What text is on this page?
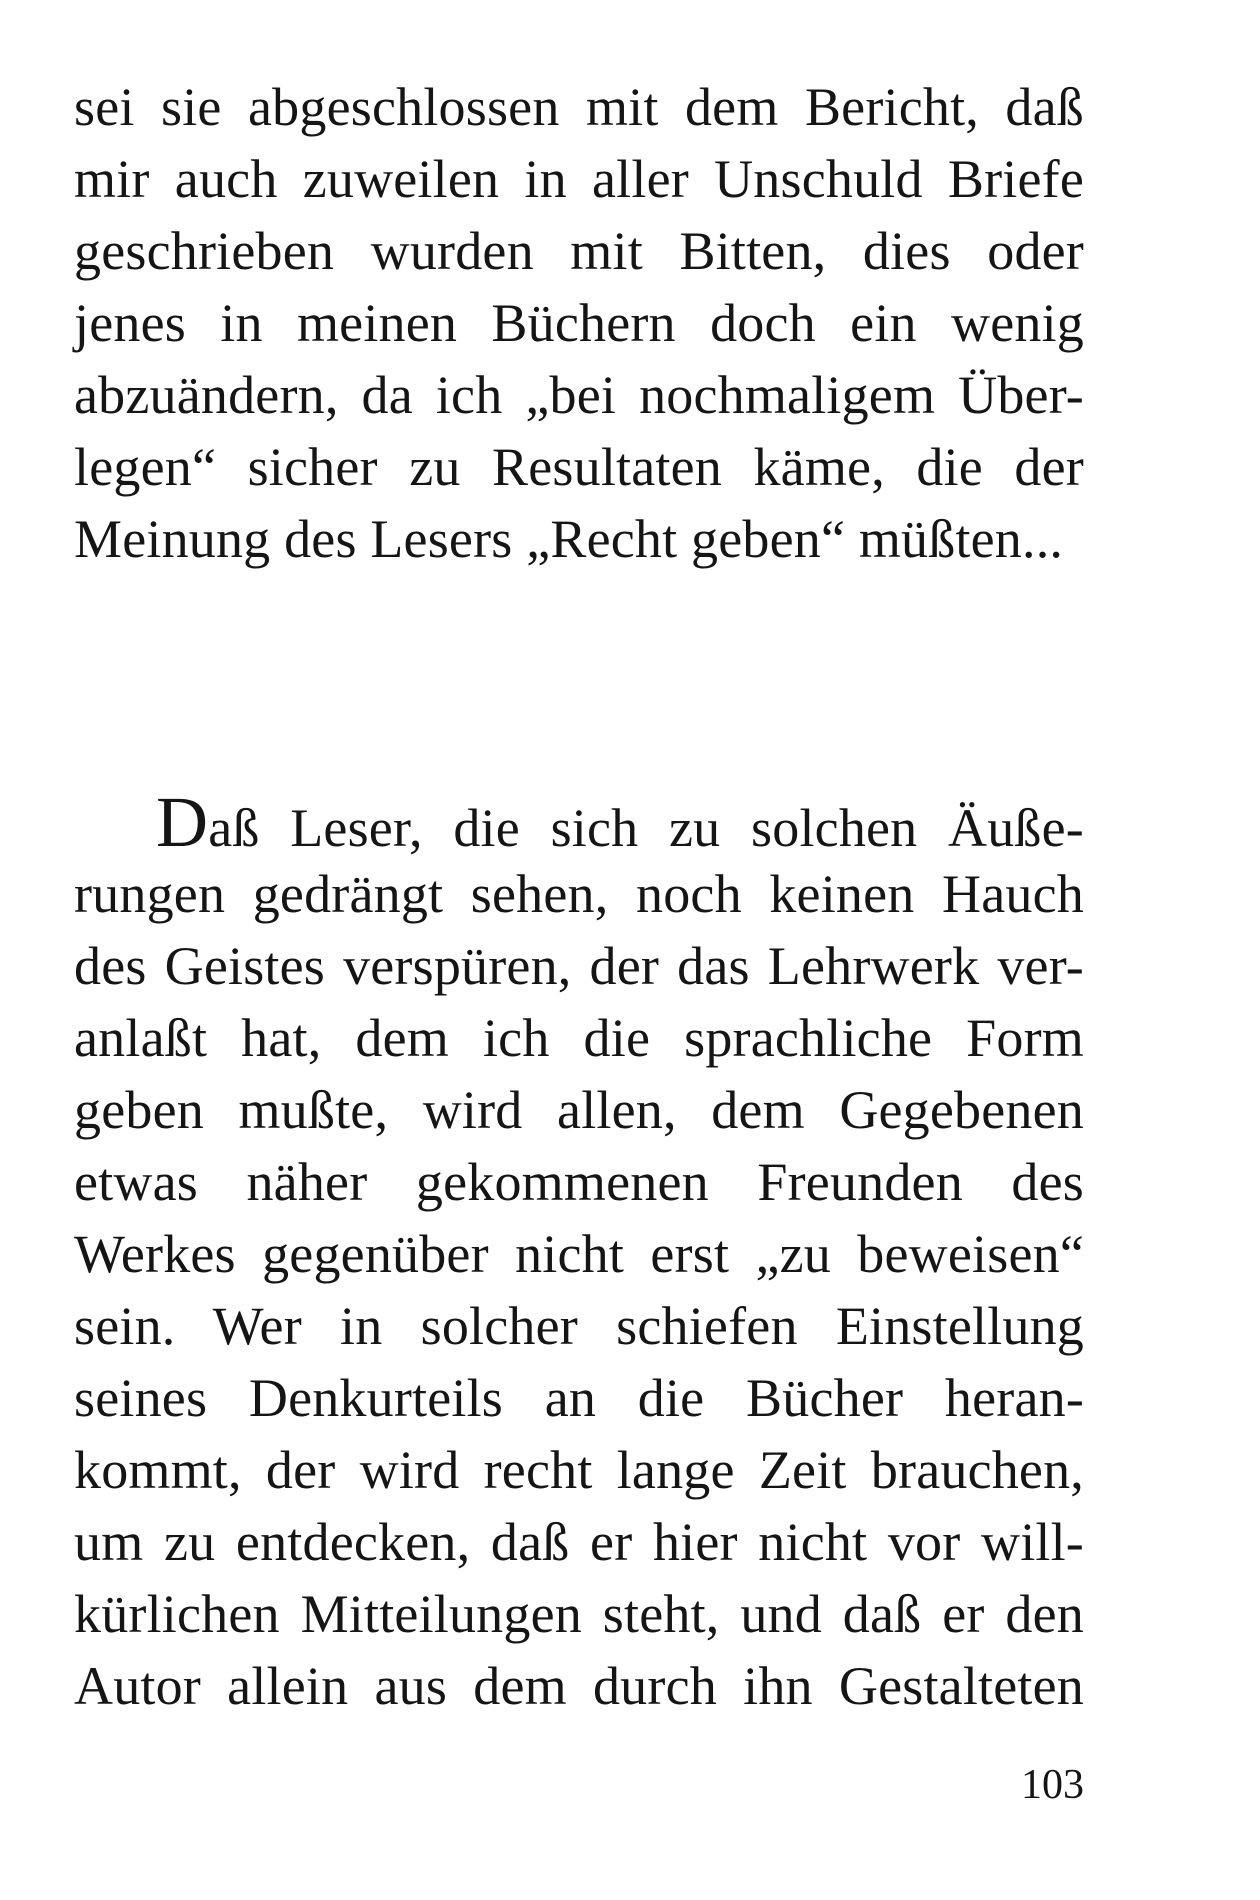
sei sie abgeschlossen mit dem Bericht, daß
mir auch zuweilen in aller Unschuld Briefe
geschrieben wurden mit Bitten, dies oder
jenes in meinen Büchern doch ein wenig
abzuändern, da ich „bei nochmaligem Über-
legen“ sicher zu Resultaten käme, die der
Meinung des Lesers „Recht geben“ müßten...
Daß Leser, die sich zu solchen Äuße-
rungen gedrängt sehen, noch keinen Hauch
des Geistes verspüren, der das Lehrwerk ver-
anlaßt hat, dem ich die sprachliche Form
geben mußte, wird allen, dem Gegebenen
etwas näher gekommenen Freunden des
Werkes gegenüber nicht erst „zu beweisen“
sein. Wer in solcher schiefen Einstellung
seines Denkurteils an die Bücher heran-
kommt, der wird recht lange Zeit brauchen,
um zu entdecken, daß er hier nicht vor will-
kürlichen Mitteilungen steht, und daß er den
Autor allein aus dem durch ihn Gestalteten
103
